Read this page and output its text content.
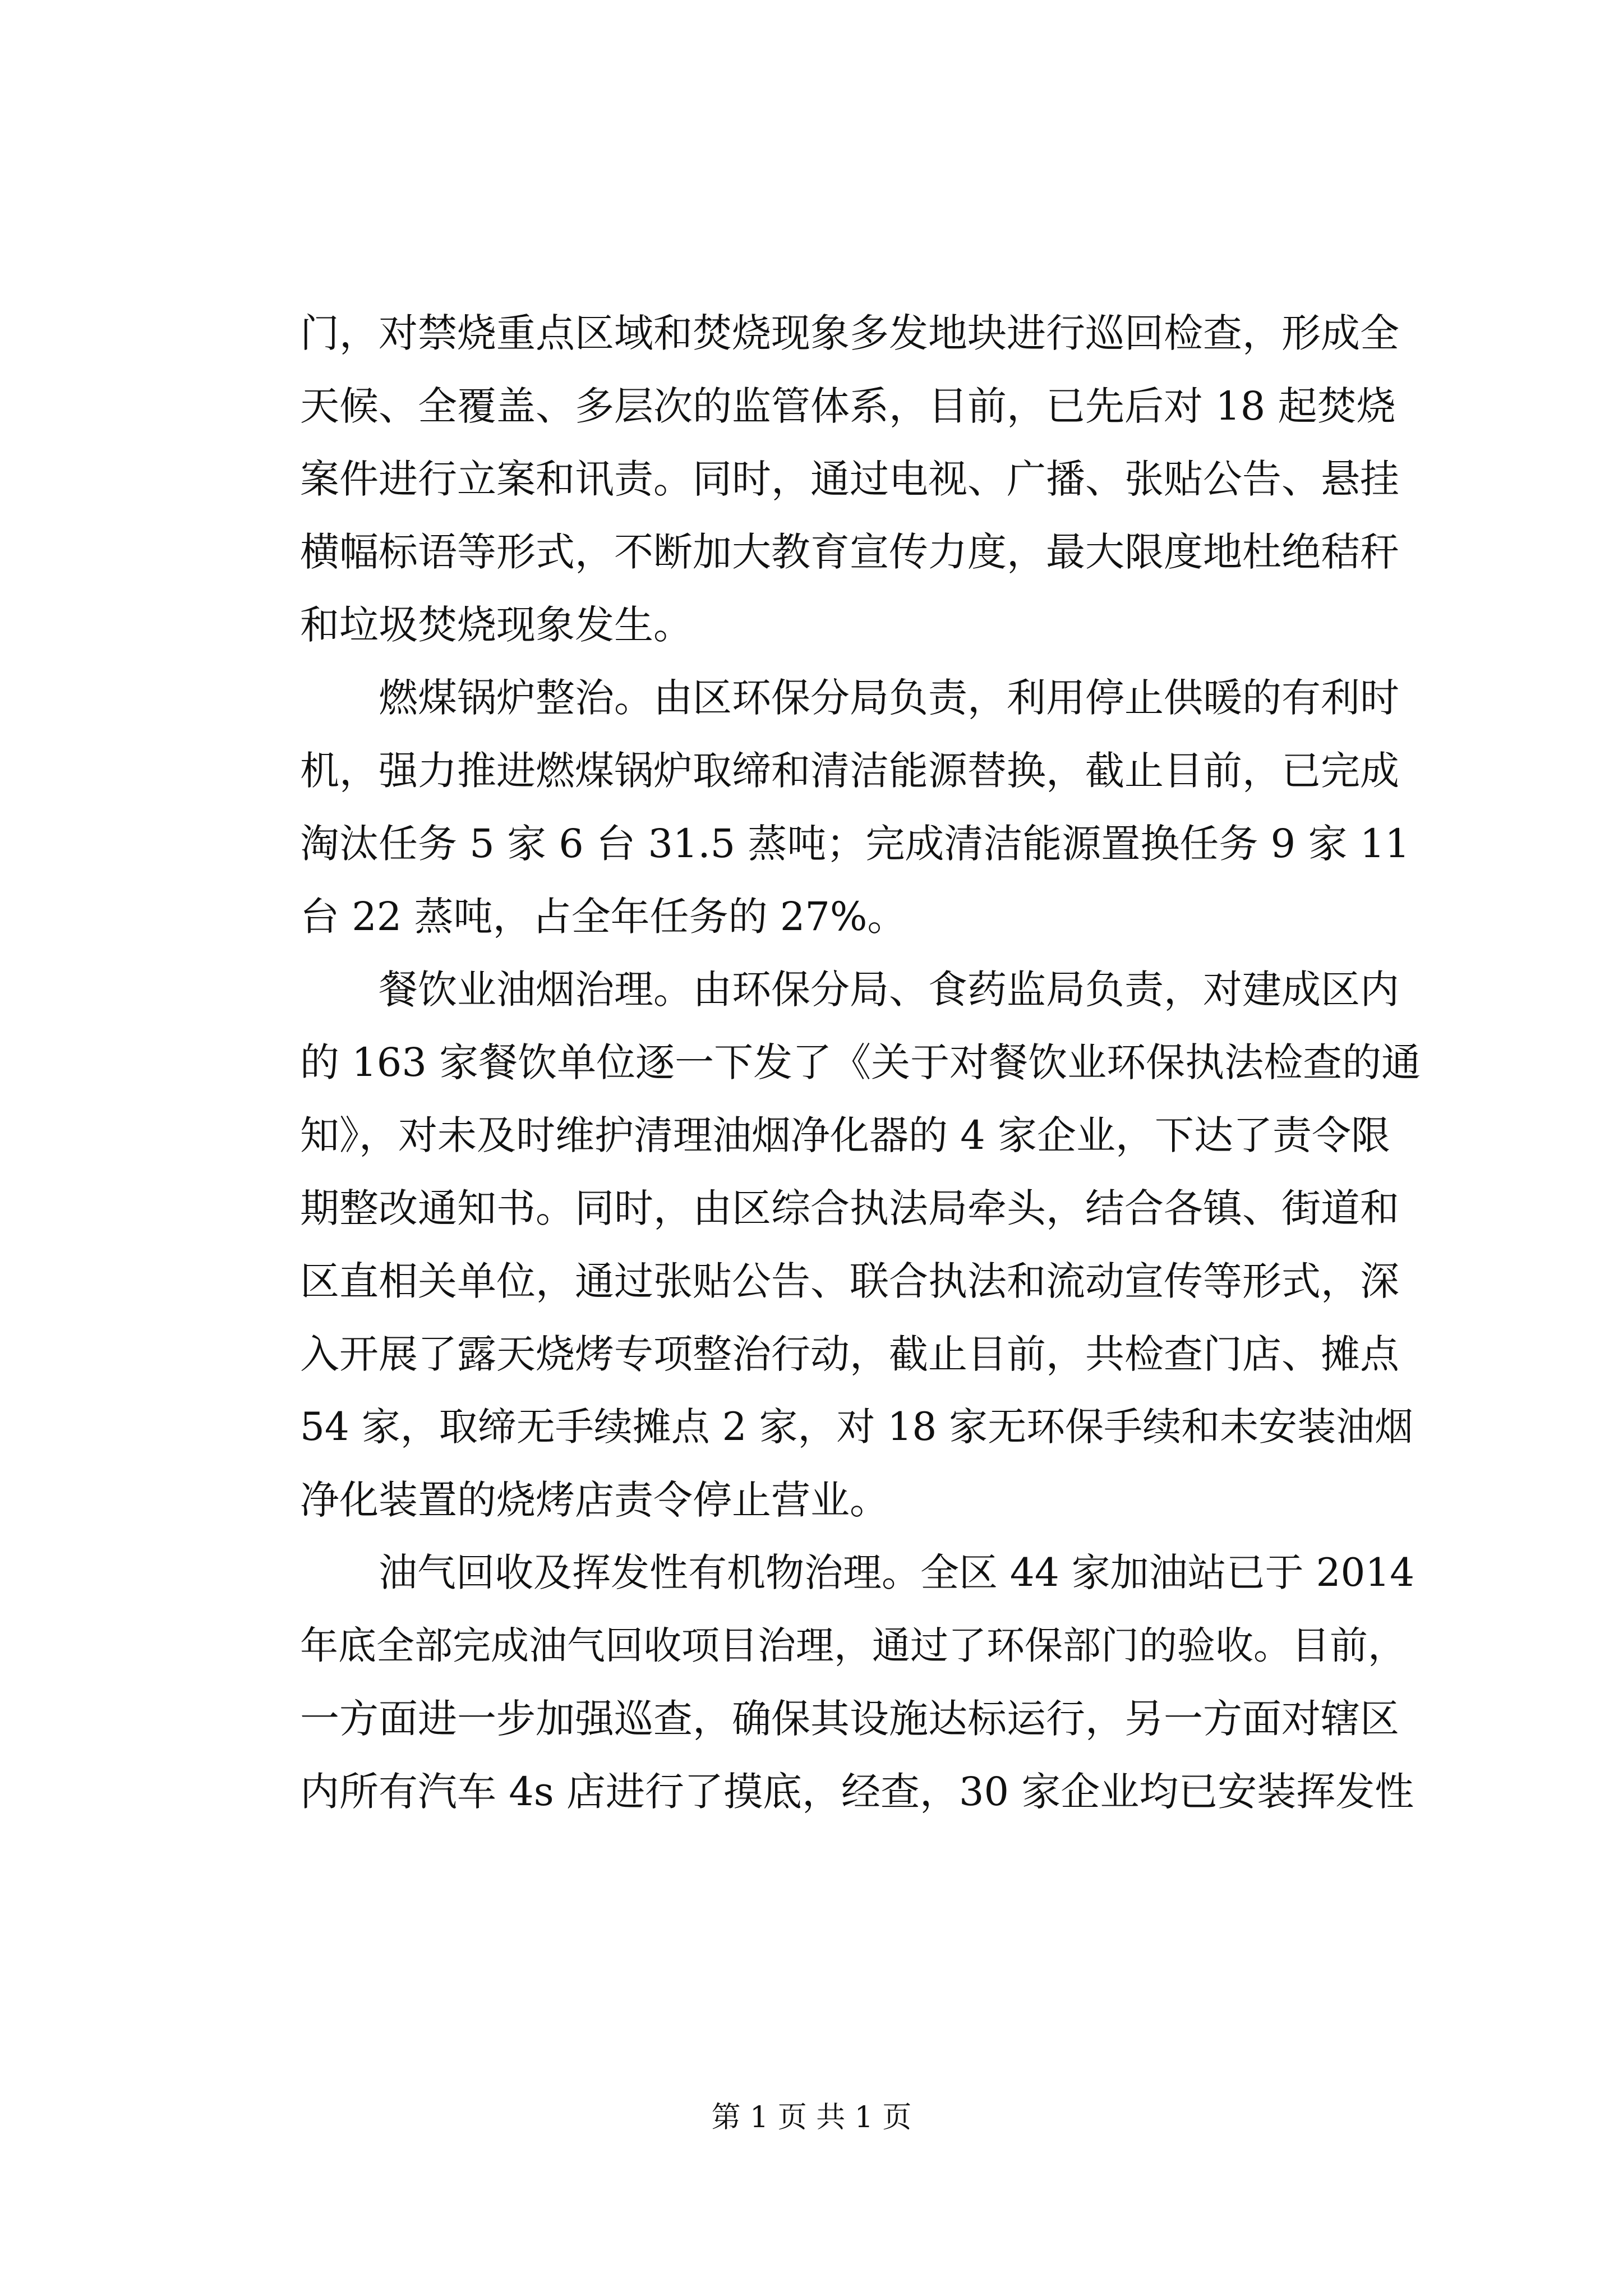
门，对禁烧重点区域和焚烧现象多发地块进行巡回检查，形成全
天候、全覆盖、多层次的监管体系，目前，已先后对 18 起焚烧
案件进行立案和讯责。同时，通过电视、广播、张贴公告、悬挂
横幅标语等形式，不断加大教育宣传力度，最大限度地杜绝秸秆
和垃圾焚烧现象发生。
燃煤锅炉整治。由区环保分局负责，利用停止供暖的有利时
机，强力推进燃煤锅炉取缔和清洁能源替换，截止目前，已完成
淘汰任务 5 家 6 台 31.5 蒸吨；完成清洁能源置换任务 9 家 11
台 22 蒸吨，占全年任务的 27%。
餐饮业油烟治理。由环保分局、食药监局负责，对建成区内
的 163 家餐饮单位逐一下发了《关于对餐饮业环保执法检查的通
知》，对未及时维护清理油烟净化器的 4 家企业，下达了责令限
期整改通知书。同时，由区综合执法局牵头，结合各镇、街道和
区直相关单位，通过张贴公告、联合执法和流动宣传等形式，深
入开展了露天烧烤专项整治行动，截止目前，共检查门店、摊点
54 家，取缔无手续摊点 2 家，对 18 家无环保手续和未安装油烟
净化装置的烧烤店责令停止营业。
油气回收及挥发性有机物治理。全区 44 家加油站已于 2014
年底全部完成油气回收项目治理，通过了环保部门的验收。目前，
一方面进一步加强巡查，确保其设施达标运行，另一方面对辖区
内所有汽车 4s 店进行了摸底，经查，30 家企业均已安装挥发性
第 1 页 共 1 页
